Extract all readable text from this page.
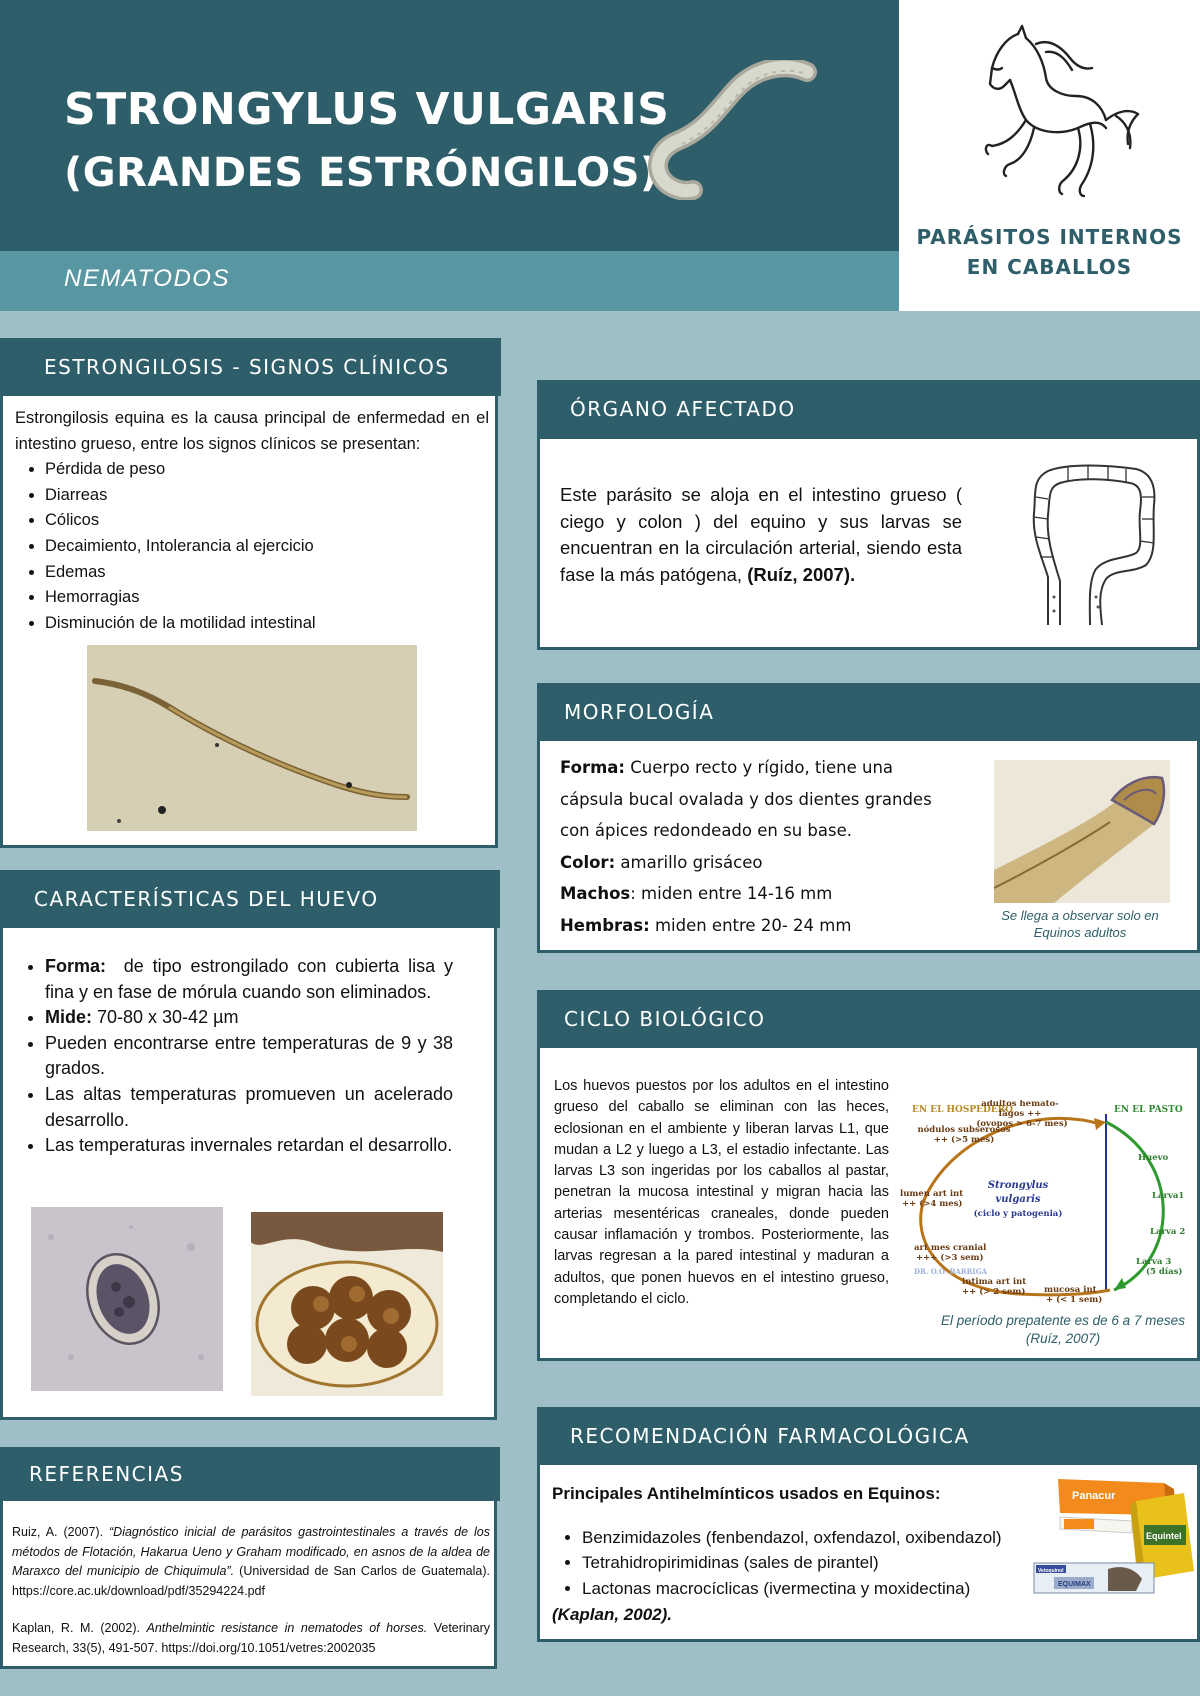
STRONGYLUS VULGARIS
(GRANDES ESTRÓNGILOS)
NEMATODOS
PARÁSITOS INTERNOS
EN CABALLOS
ESTRONGILOSIS - SIGNOS CLÍNICOS
Estrongilosis equina es la causa principal de enfermedad en el intestino grueso, entre los signos clínicos se presentan:
• Pérdida de peso
• Diarreas
• Cólicos
• Decaimiento, Intolerancia al ejercicio
• Edemas
• Hemorragias
• Disminución de la motilidad intestinal
CARACTERÍSTICAS DEL HUEVO
• Forma:  de tipo estrongilado con cubierta lisa y fina y en fase de mórula cuando son eliminados.
• Mide: 70-80 x 30-42 µm
• Pueden encontrarse entre temperaturas de 9 y 38 grados.
• Las altas temperaturas promueven un acelerado desarrollo.
• Las temperaturas invernales retardan el desarrollo.
REFERENCIAS
Ruiz, A. (2007). “Diagnóstico inicial de parásitos gastrointestinales a través de los métodos de Flotación, Hakarua Ueno y Graham modificado, en asnos de la aldea de Maraxco del municipio de Chiquimula”. (Universidad de San Carlos de Guatemala). https://core.ac.uk/download/pdf/35294224.pdf
Kaplan, R. M. (2002). Anthelmintic resistance in nematodes of horses. Veterinary Research, 33(5), 491-507. https://doi.org/10.1051/vetres:2002035
ÓRGANO AFECTADO
Este parásito se aloja en el intestino grueso ( ciego y colon ) del equino y sus larvas se encuentran en la circulación arterial, siendo esta fase la más patógena, (Ruíz, 2007).
MORFOLOGÍA
Forma: Cuerpo recto y rígido, tiene una cápsula bucal ovalada y dos dientes grandes con ápices redondeado en su base.
Color: amarillo grisáceo
Machos: miden entre 14-16 mm
Hembras: miden entre 20- 24 mm	Se llega a observar solo en Equinos adultos
CICLO BIOLÓGICO
Los huevos puestos por los adultos en el intestino grueso del caballo se eliminan con las heces, eclosionan en el ambiente y liberan larvas L1, que mudan a L2 y luego a L3, el estadio infectante. Las larvas L3 son ingeridas por los caballos al pastar, penetran la mucosa intestinal y migran hacia las arterias mesentéricas craneales, donde pueden causar inflamación y trombos. Posteriormente, las larvas regresan a la pared intestinal y maduran a adultos, que ponen huevos en el intestino grueso, completando el ciclo.
EN EL HOSPEDERO	EN EL PASTO
adultos hemato-
fágos ++
(ovopos > 6-7 mes)
nódulos subserosos
++ (>5 mes)
lumen art int
++ (>4 mes)
art mes cranial
+++ (>3 sem)
DR. O.O. BARRIGA
intima art int
++ (> 2 sem) mucosa int
+ (< 1 sem)
Huevo
Larva1
Larva 2
Larva 3
(5 días)
Strongylus
vulgaris
(ciclo y patogenia)
El período prepatente es de 6 a 7 meses (Ruíz, 2007)
RECOMENDACIÓN FARMACOLÓGICA
Principales Antihelmínticos usados en Equinos:
• Benzimidazoles (fenbendazol, oxfendazol, oxibendazol)
• Tetrahidropirimidinas (sales de pirantel)
• Lactonas macrocíclicas (ivermectina y moxidectina)
(Kaplan, 2002).
Panacur
Equintel
Vetoquinol
EQUIMAX
